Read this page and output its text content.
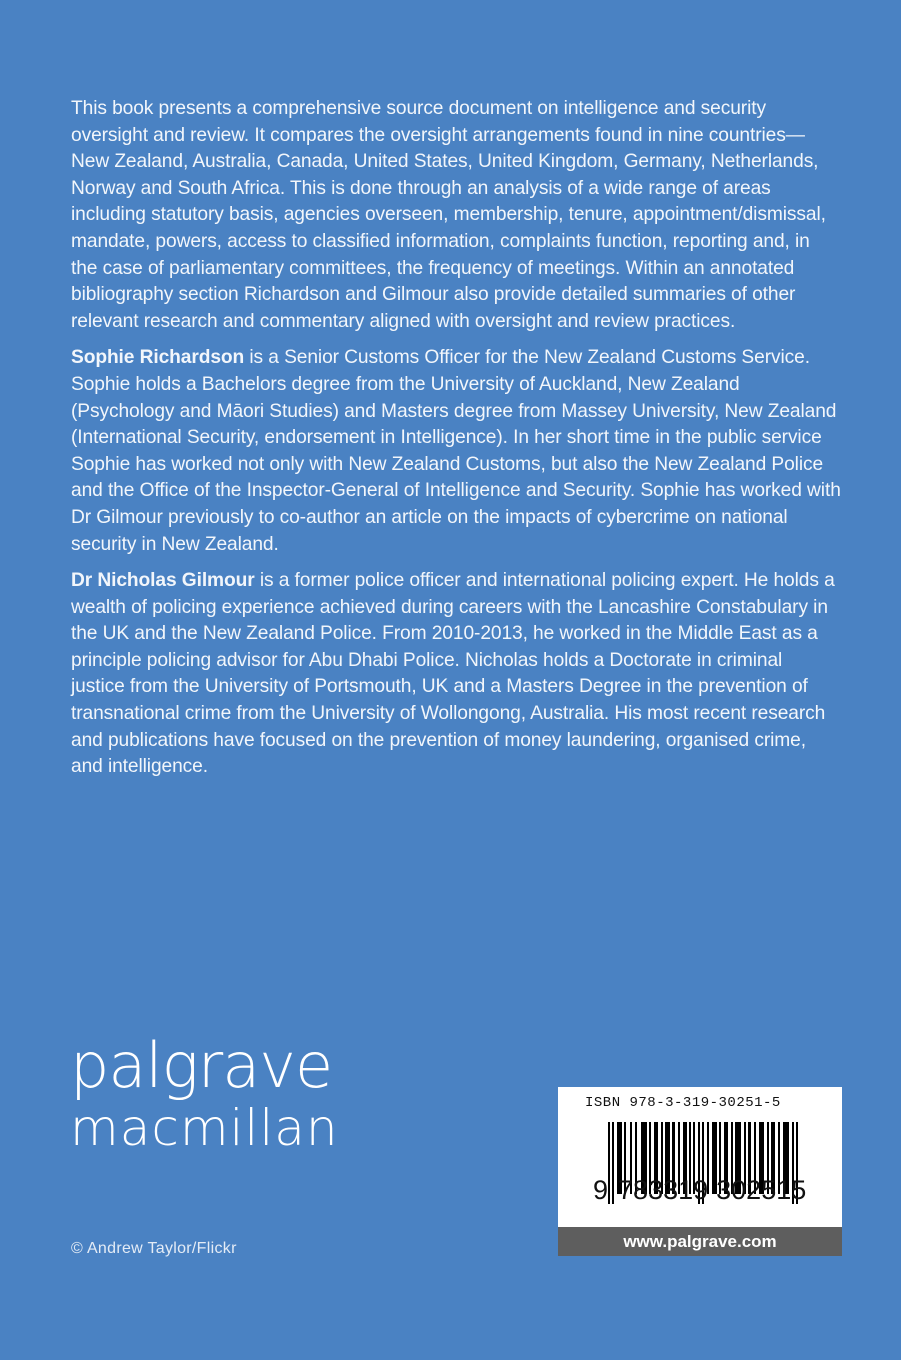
This book presents a comprehensive source document on intelligence and security oversight and review. It compares the oversight arrangements found in nine countries—New Zealand, Australia, Canada, United States, United Kingdom, Germany, Netherlands, Norway and South Africa. This is done through an analysis of a wide range of areas including statutory basis, agencies overseen, membership, tenure, appointment/dismissal, mandate, powers, access to classified information, complaints function, reporting and, in the case of parliamentary committees, the frequency of meetings. Within an annotated bibliography section Richardson and Gilmour also provide detailed summaries of other relevant research and commentary aligned with oversight and review practices.

Sophie Richardson is a Senior Customs Officer for the New Zealand Customs Service. Sophie holds a Bachelors degree from the University of Auckland, New Zealand (Psychology and Māori Studies) and Masters degree from Massey University, New Zealand (International Security, endorsement in Intelligence). In her short time in the public service Sophie has worked not only with New Zealand Customs, but also the New Zealand Police and the Office of the Inspector-General of Intelligence and Security. Sophie has worked with Dr Gilmour previously to co-author an article on the impacts of cybercrime on national security in New Zealand.

Dr Nicholas Gilmour is a former police officer and international policing expert. He holds a wealth of policing experience achieved during careers with the Lancashire Constabulary in the UK and the New Zealand Police. From 2010-2013, he worked in the Middle East as a principle policing advisor for Abu Dhabi Police. Nicholas holds a Doctorate in criminal justice from the University of Portsmouth, UK and a Masters Degree in the prevention of transnational crime from the University of Wollongong, Australia. His most recent research and publications have focused on the prevention of money laundering, organised crime, and intelligence.

palgrave
macmillan
© Andrew Taylor/Flickr
ISBN 978-3-319-30251-5
9 783319 302515
www.palgrave.com
